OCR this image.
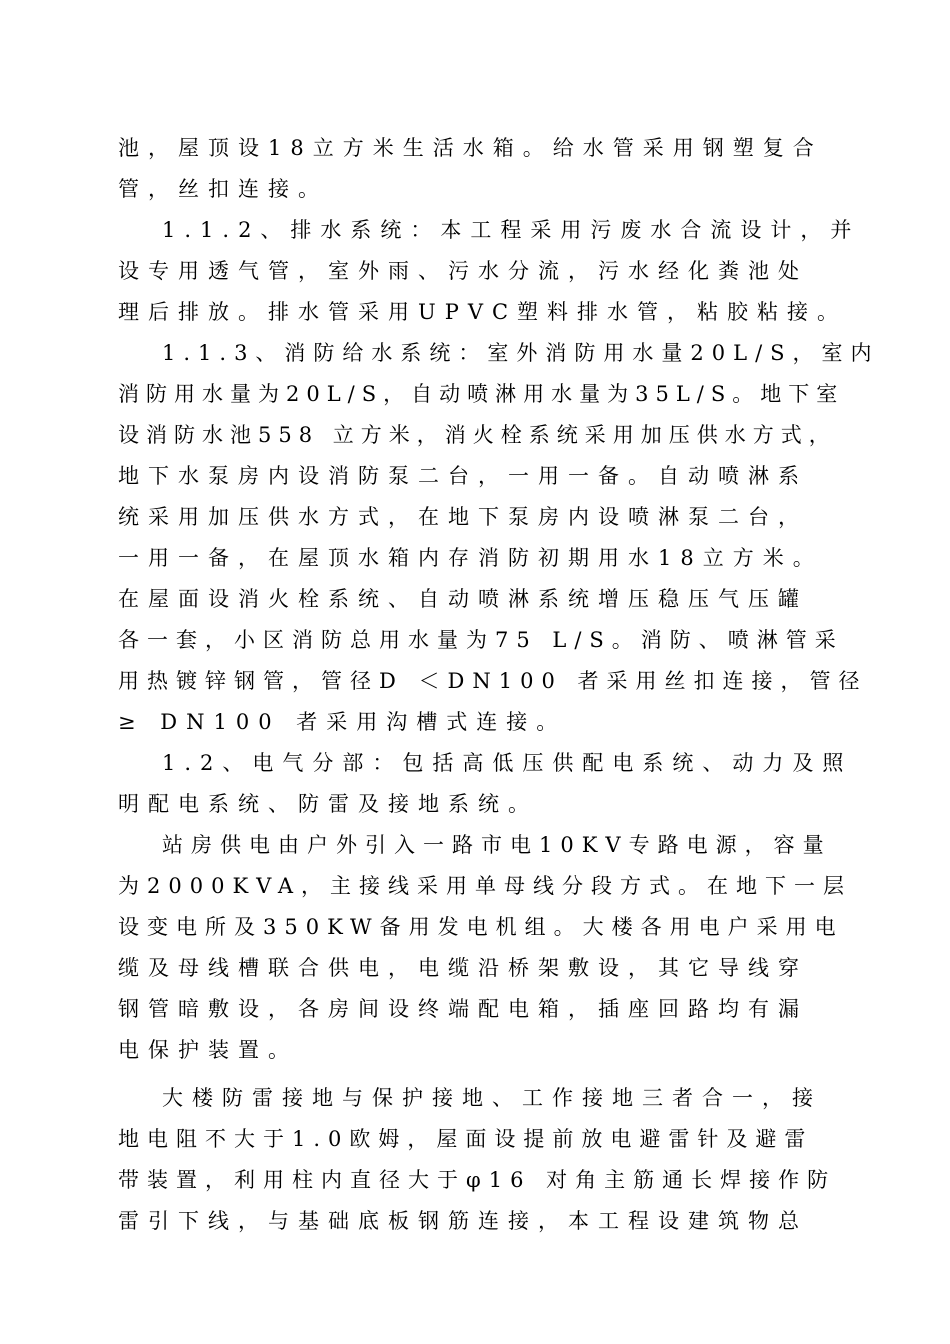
池，屋顶设18立方米生活水箱。给水管采用钢塑复合
管，丝扣连接。
1.1.2、排水系统：本工程采用污废水合流设计，并
设专用透气管，室外雨、污水分流，污水经化粪池处
理后排放。排水管采用UPVC塑料排水管，粘胶粘接。
1.1.3、消防给水系统：室外消防用水量20L/S，室内
消防用水量为20L/S，自动喷淋用水量为35L/S。地下室
设消防水池558 立方米，消火栓系统采用加压供水方式，
地下水泵房内设消防泵二台，一用一备。自动喷淋系
统采用加压供水方式，在地下泵房内设喷淋泵二台，
一用一备，在屋顶水箱内存消防初期用水18立方米。
在屋面设消火栓系统、自动喷淋系统增压稳压气压罐
各一套，小区消防总用水量为75 L/S。消防、喷淋管采
用热镀锌钢管，管径D ＜DN100 者采用丝扣连接，管径
≥ DN100 者采用沟槽式连接。
1.2、电气分部：包括高低压供配电系统、动力及照
明配电系统、防雷及接地系统。
站房供电由户外引入一路市电10KV专路电源，容量
为2000KVA，主接线采用单母线分段方式。在地下一层
设变电所及350KW备用发电机组。大楼各用电户采用电
缆及母线槽联合供电，电缆沿桥架敷设，其它导线穿
钢管暗敷设，各房间设终端配电箱，插座回路均有漏
电保护装置。
大楼防雷接地与保护接地、工作接地三者合一，接
地电阻不大于1.0欧姆，屋面设提前放电避雷针及避雷
带装置，利用柱内直径大于φ16 对角主筋通长焊接作防
雷引下线，与基础底板钢筋连接，本工程设建筑物总
